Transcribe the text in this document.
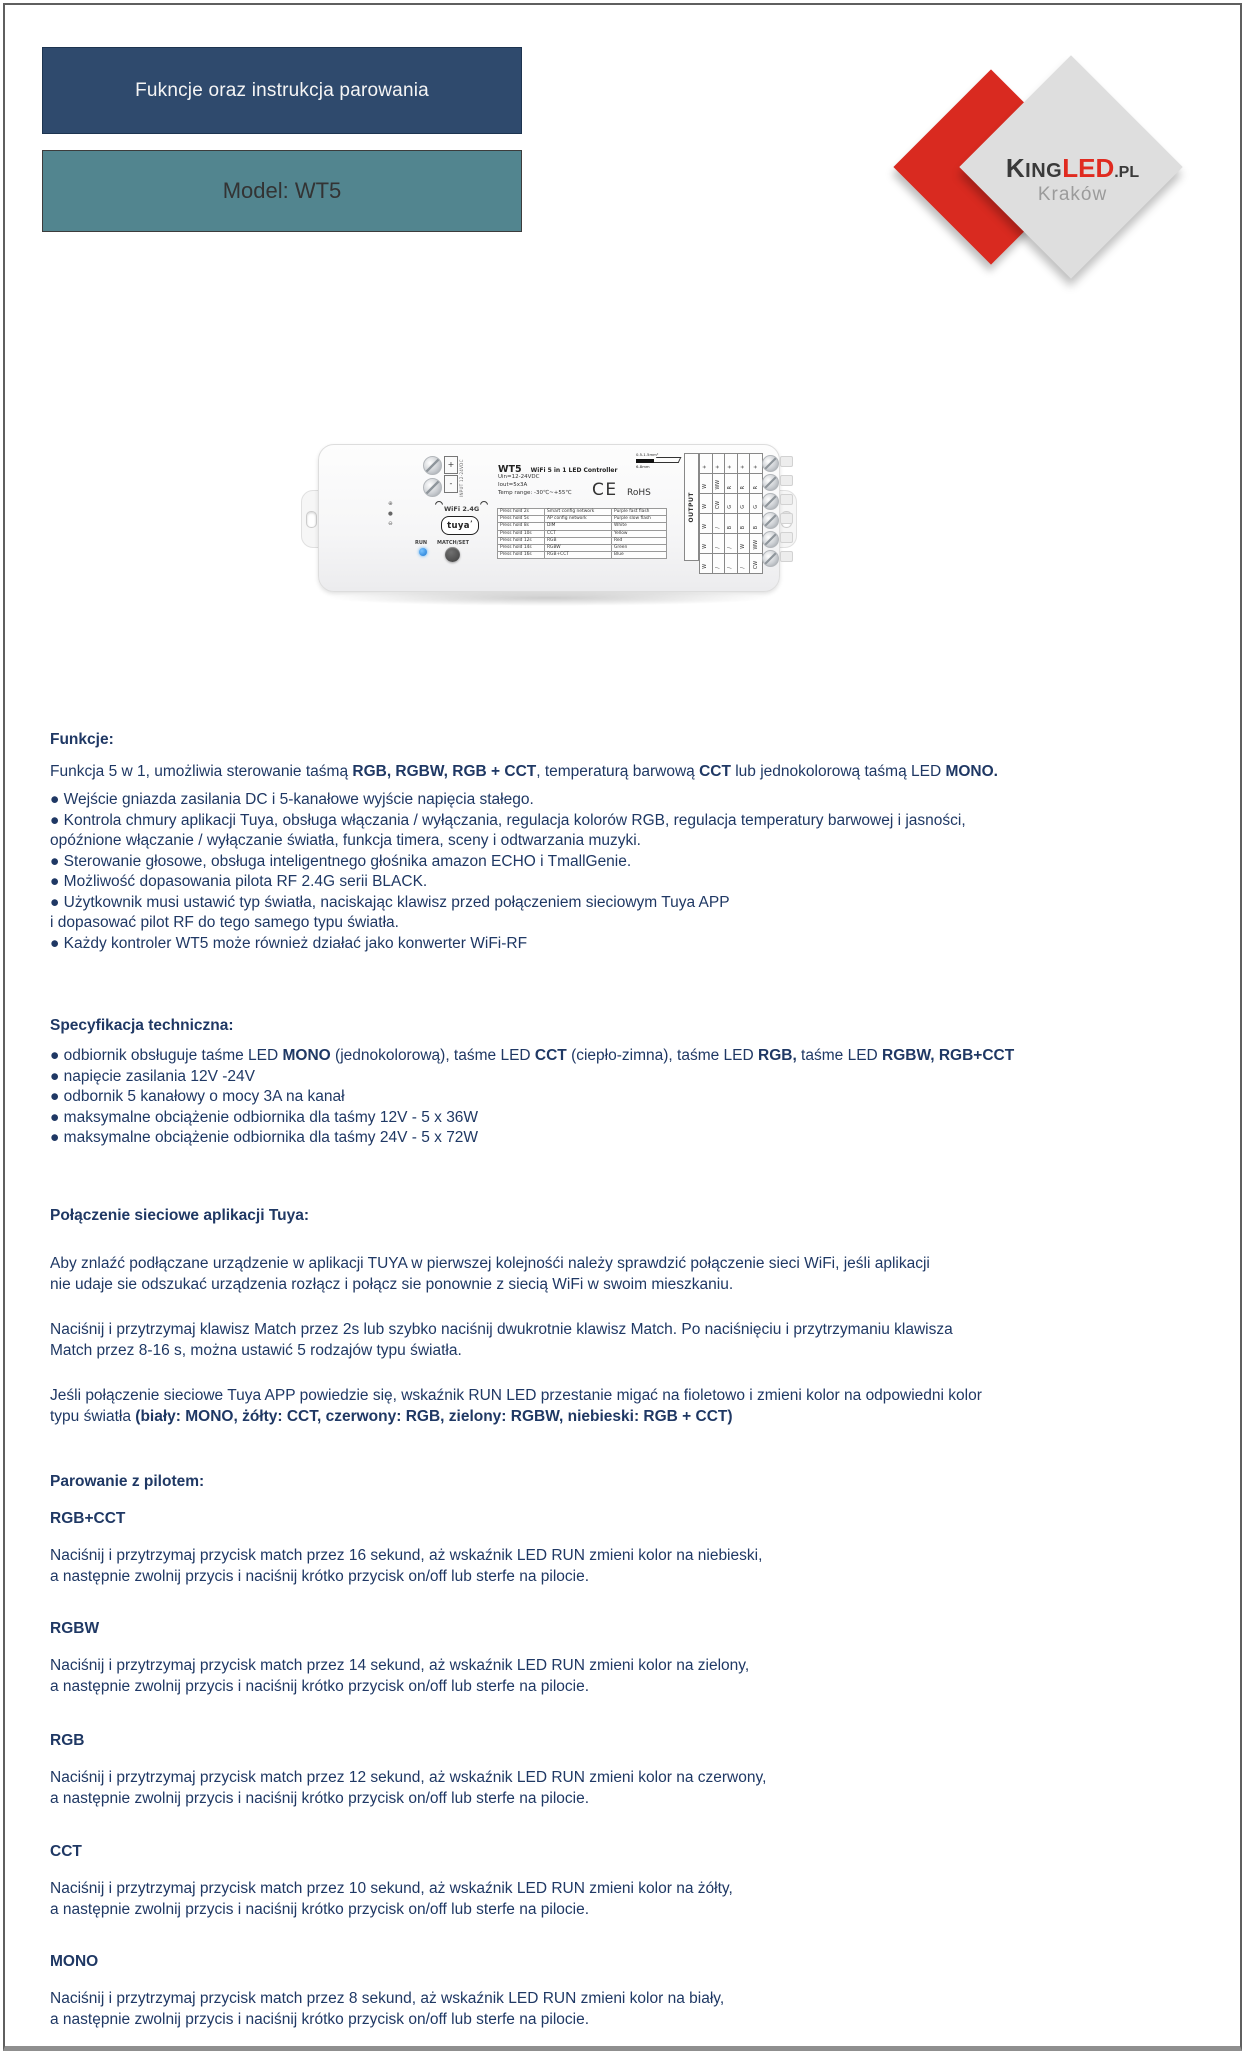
Fukncje oraz instrukcja parowania
Model: WT5
KINGLED.PL
Kraków
+
-	INPUT 12-24VDC
⊕
●
⊖
WiFi 2.4G
tuya ʼ
RUN MATCH/SET
WT5 WiFi 5 in 1 LED Controller
Uin=12-24VDC
Iout=5x3A
Temp range: -30℃~+55℃ CE RoHS
0.5-1.5mm²
6-8mm
Press hold 2s	Smart config network	Purple fast flash
Press hold 5s	AP config network	Purple slow flash
Press hold 8s	DIM	White
Press hold 10s	CCT	Yellow
Press hold 12s	RGB	Red
Press hold 14s	RGBW	Green
Press hold 16s	RGB+CCT	Blue
OUTPUT
+	+	+	+	+
W	WW	R	R	R
W	CW	G	G	G
W	/	B	B	B
W	/	/	W	WW
W	/	/	/	CW
Funkcje:
Funkcja 5 w 1, umożliwia sterowanie taśmą RGB, RGBW, RGB + CCT, temperaturą barwową CCT lub jednokolorową taśmą LED MONO.
● Wejście gniazda zasilania DC i 5-kanałowe wyjście napięcia stałego.
● Kontrola chmury aplikacji Tuya, obsługa włączania / wyłączania, regulacja kolorów RGB, regulacja temperatury barwowej i jasności,
opóźnione włączanie / wyłączanie światła, funkcja timera, sceny i odtwarzania muzyki.
● Sterowanie głosowe, obsługa inteligentnego głośnika amazon ECHO i TmallGenie.
● Możliwość dopasowania pilota RF 2.4G serii BLACK.
● Użytkownik musi ustawić typ światła, naciskając klawisz przed połączeniem sieciowym Tuya APP
i dopasować pilot RF do tego samego typu światła.
● Każdy kontroler WT5 może również działać jako konwerter WiFi-RF
Specyfikacja techniczna:
● odbiornik obsługuje taśme LED MONO (jednokolorową), taśme LED CCT (ciepło-zimna), taśme LED RGB, taśme LED RGBW, RGB+CCT
● napięcie zasilania 12V -24V
● odbornik 5 kanałowy o mocy 3A na kanał
● maksymalne obciążenie odbiornika dla taśmy 12V - 5 x 36W
● maksymalne obciążenie odbiornika dla taśmy 24V - 5 x 72W
Połączenie sieciowe aplikacji Tuya:
Aby znlaźć podłączane urządzenie w aplikacji TUYA w pierwszej kolejnośći należy sprawdzić połączenie sieci WiFi, jeśli aplikacji
nie udaje sie odszukać urządzenia rozłącz i połącz sie ponownie z siecią WiFi w swoim mieszkaniu.
Naciśnij i przytrzymaj klawisz Match przez 2s lub szybko naciśnij dwukrotnie klawisz Match. Po naciśnięciu i przytrzymaniu klawisza
Match przez 8-16 s, można ustawić 5 rodzajów typu światła.
Jeśli połączenie sieciowe Tuya APP powiedzie się, wskaźnik RUN LED przestanie migać na fioletowo i zmieni kolor na odpowiedni kolor
typu światła (biały: MONO, żółty: CCT, czerwony: RGB, zielony: RGBW, niebieski: RGB + CCT)
Parowanie z pilotem:
RGB+CCT
Naciśnij i przytrzymaj przycisk match przez 16 sekund, aż wskaźnik LED RUN zmieni kolor na niebieski,
a następnie zwolnij przycis i naciśnij krótko przycisk on/off lub sterfe na pilocie.
RGBW
Naciśnij i przytrzymaj przycisk match przez 14 sekund, aż wskaźnik LED RUN zmieni kolor na zielony,
a następnie zwolnij przycis i naciśnij krótko przycisk on/off lub sterfe na pilocie.
RGB
Naciśnij i przytrzymaj przycisk match przez 12 sekund, aż wskaźnik LED RUN zmieni kolor na czerwony,
a następnie zwolnij przycis i naciśnij krótko przycisk on/off lub sterfe na pilocie.
CCT
Naciśnij i przytrzymaj przycisk match przez 10 sekund, aż wskaźnik LED RUN zmieni kolor na żółty,
a następnie zwolnij przycis i naciśnij krótko przycisk on/off lub sterfe na pilocie.
MONO
Naciśnij i przytrzymaj przycisk match przez 8 sekund, aż wskaźnik LED RUN zmieni kolor na biały,
a następnie zwolnij przycis i naciśnij krótko przycisk on/off lub sterfe na pilocie.
